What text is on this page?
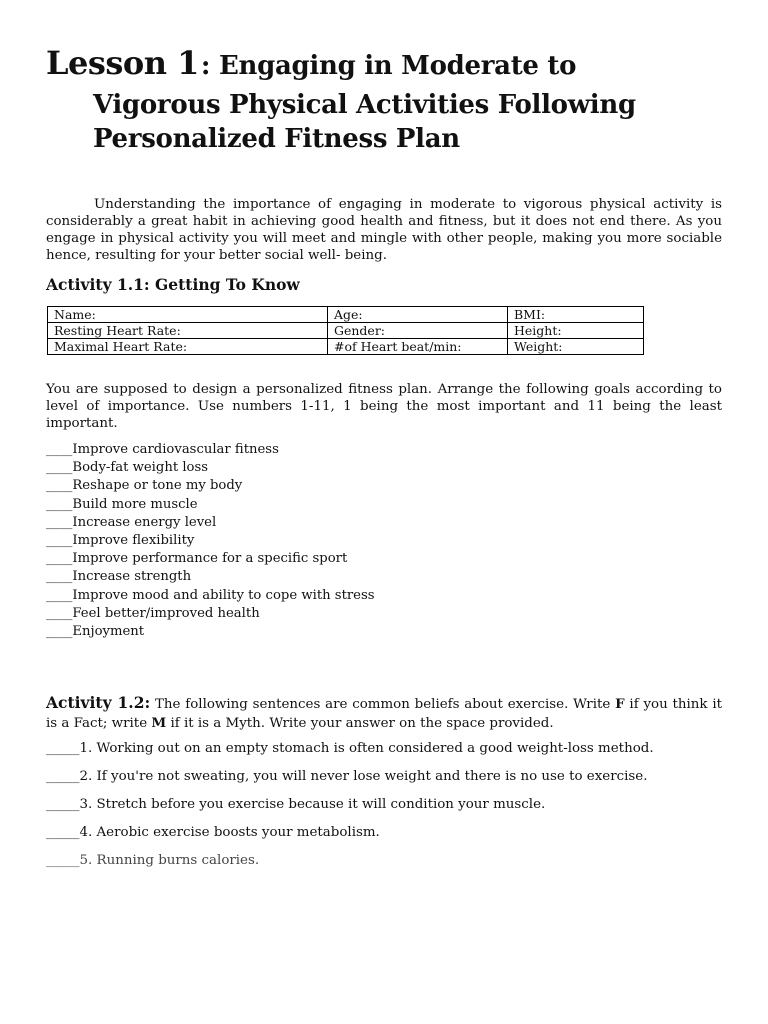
Lesson 1: Engaging in Moderate to
Vigorous Physical Activities Following
Personalized Fitness Plan

Understanding the importance of engaging in moderate to vigorous physical activity is considerably a great habit in achieving good health and fitness, but it does not end there. As you engage in physical activity you will meet and mingle with other people, making you more sociable hence, resulting for your better social well- being.

Activity 1.1: Getting To Know
Name:	Age:	BMI:
Resting Heart Rate:	Gender:	Height:
Maximal Heart Rate:	#of Heart beat/min:	Weight:

You are supposed to design a personalized fitness plan. Arrange the following goals according to level of importance. Use numbers 1-11, 1 being the most important and 11 being the least important.

____Improve cardiovascular fitness
____Body-fat weight loss
____Reshape or tone my body
____Build more muscle
____Increase energy level
____Improve flexibility
____Improve performance for a specific sport
____Increase strength
____Improve mood and ability to cope with stress
____Feel better/improved health
____Enjoyment

Activity 1.2: The following sentences are common beliefs about exercise. Write F if you think it is a Fact; write M if it is a Myth. Write your answer on the space provided.

_____1. Working out on an empty stomach is often considered a good weight-loss method.
_____2. If you're not sweating, you will never lose weight and there is no use to exercise.
_____3. Stretch before you exercise because it will condition your muscle.
_____4. Aerobic exercise boosts your metabolism.
_____5. Running burns calories.
